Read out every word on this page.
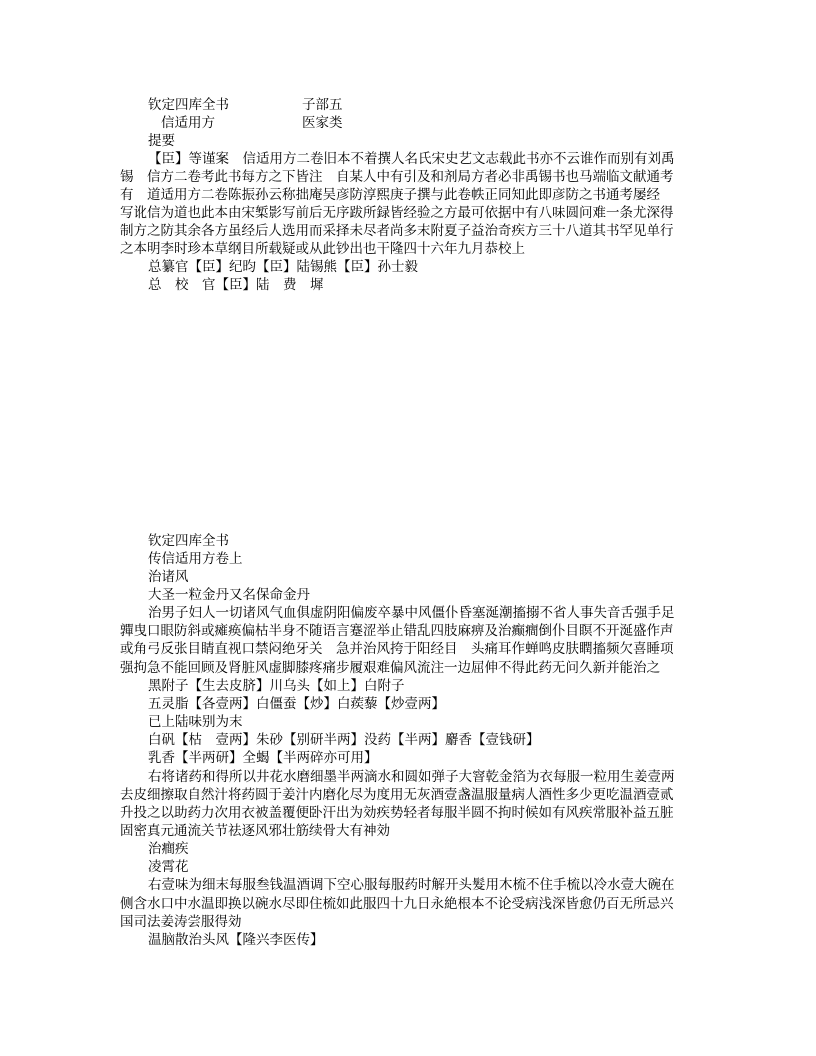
钦定四库全书	子部五
信适用方	医家类
提要
【臣】等谨案　信适用方二卷旧本不着撰人名氏宋史艺文志载此书亦不云谁作而别有刘禹
锡　信方二卷考此书每方之下皆注　自某人中有引及和剂局方者必非禹锡书也马端临文献通考
有　道适用方二卷陈振孙云称拙庵吴彦防淳熙庚子撰与此卷帙正同知此即彦防之书通考屡经
写讹信为道也此本由宋椠影写前后无序跋所録皆经验之方最可依据中有八味圆问难一条尤深得
制方之防其余各方虽经后人选用而采择未尽者尚多末附夏子益治奇疾方三十八道其书罕见单行
之本明李时珍本草纲目所载疑或从此钞出也干隆四十六年九月恭校上
总纂官【臣】纪昀【臣】陆锡熊【臣】孙士毅
总　校　官【臣】陆　费　墀
钦定四库全书
传信适用方卷上
治诸风
大圣一粒金丹又名保命金丹
治男子妇人一切诸风气血俱虚阴阳偏废卒暴中风僵仆昏塞涎潮搐搦不省人事失音舌强手足
嚲曳口眼防斜或瘫痪偏枯半身不随语言蹇涩举止错乱四肢麻痹及治癫癎倒仆目瞑不开涎盛作声
或角弓反张目睛直视口禁闷绝牙关　急并治风挎于阳经目　头痛耳作蝉鸣皮肤瞤搐频欠喜睡项
强拘急不能回顾及肾脏风虚脚膝疼痛步履艰难偏风流注一边屈伸不得此药无问久新并能治之
黑附子【生去皮脐】川乌头【如上】白附子
五灵脂【各壹两】白僵蚕【炒】白蒺藜【炒壹两】
已上陆味别为末
白矾【枯　壹两】朱砂【别研半两】没药【半两】麝香【壹钱研】
乳香【半两研】全蝎【半两碎亦可用】
右将诸药和得所以井花水磨细墨半两滴水和圆如弹子大窨乾金箔为衣每服一粒用生姜壹两
去皮细擦取自然汁将药圆于姜汁内磨化尽为度用无灰酒壹盏温服量病人酒性多少更吃温酒壹贰
升投之以助药力次用衣被盖覆便卧汗出为効疾势轻者每服半圆不拘时候如有风疾常服补益五脏
固密真元通流关节祛逐风邪壮筋续骨大有神効
治癎疾
凌霄花
右壹味为细末每服叁钱温酒调下空心服每服药时解开头髮用木梳不住手梳以冷水壹大碗在
侧含水口中水温即换以碗水尽即住梳如此服四十九日永絶根本不论受病浅深皆愈仍百无所忌兴
国司法姜涛尝服得効
温脑散治头风【隆兴李医传】
